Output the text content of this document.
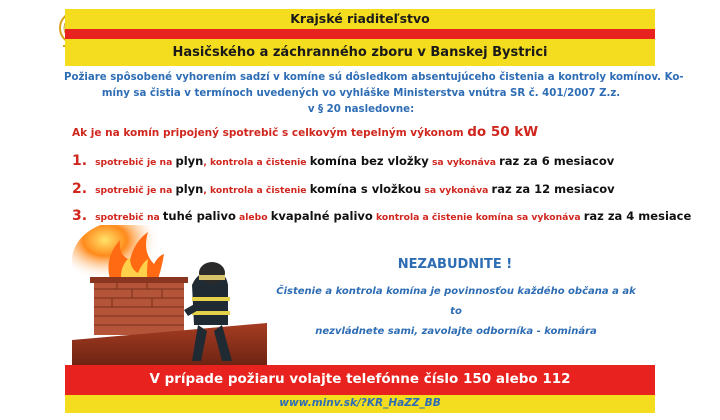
Krajské riaditeľstvo
Hasičského a záchranného zboru v Banskej Bystrici
Požiare spôsobené vyhorením sadzí v komíne sú dôsledkom absentujúceho čistenia a kontroly komínov. Ko-
míny sa čistia v termínoch uvedených vo vyhláške Ministerstva vnútra SR č. 401/2007 Z.z.
v § 20 nasledovne:
Ak je na komín pripojený spotrebič s celkovým tepelným výkonom do 50 kW
1. spotrebič je na plyn, kontrola a čistenie komína bez vložky sa vykonáva raz za 6 mesiacov
2. spotrebič je na plyn, kontrola a čistenie komína s vložkou sa vykonáva raz za 12 mesiacov
3. spotrebič na tuhé palivo alebo kvapalné palivo kontrola a čistenie komína sa vykonáva raz za 4 mesiace
NEZABUDNITE !
Čistenie a kontrola komína je povinnosťou každého občana a ak to
nezvládnete sami, zavolajte odborníka - kominára
V prípade požiaru volajte telefónne číslo 150 alebo 112
www.minv.sk/?KR_HaZZ_BB
